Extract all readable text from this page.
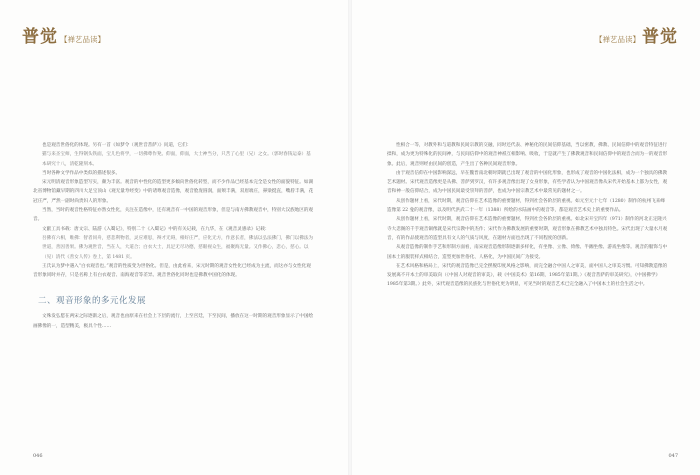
普觉 【禅艺品读】

也是观音世俗化的体现。另有一首《如梦令（观世音菩萨）》问道，它们：

猫与来圣宝师，生得钢头铁面，宝儿色将学，一切佛尊作凳。仰面，仰面，大士神当分，只苦了心里（兄）之女。（郭时春钱运泰）基本研究十八，清乾隆刻本。

当时各种文学作品中类似的描述很多。

宋元明清观音形象造型写实，颇为丰富。观音的中性化的造型更多倾向世俗化转型，而不少作品已经基本完全是女性的面貌特征。如湖北省博物馆藏早期的四川大足宝顶山《观无量寿经变》中的诸尊观音造像，观音脸庞圆润，面颊丰满，双眉端庄，鼻梁挺直，嘴唇丰满，花冠庄严，严然一副时尚贵妇人的形象。

当然，当时的观音性格特征亦然女性化，关注在造像中，还有观音有一中国的观音形象，但是与南方佛教观音中，特别大汉族地区的观音。

文献工具书载：唐文宗、陆游《入蜀记》，特别二十《入蜀记》中的有关记载，在九华，在《观音灵感录》记载：

吾佛有六相，唯佛：智者同舟，慈悲利物者，灵应难思，辩才无碍，相好庄严，应化无方，作意长者，佛法以弘法佛门，佛门以佛法为世道，善因善果。佛为观世音，当在人，大道合；白衣大士，具足无尽功德，慈眼视众生，福聚海无量。又作佛心，悲心，慈心。以（见）清代《善女人传》卷上，第 1481 页。

王氏认为梦中遇入“白衣观音也。”观音的性质变为世俗化。但是，由此看来，宋元时期的观音女性化已经成为主流，而这亦与女性化观音形象同时并存，只是名称上有白衣观音、南海观音等差异。观音世俗化同时也是佛教中国化的体现。

二、观音形象的多元化发展

文殊发弘愿在两宋之际逐渐之后，观音也由原来在社会上下层的流行，上至宫廷，下至民间，播放在这一时期的观音形象显示了中国绘画佛像的一，造型精美，极具个性……

046
【禅艺品读】 普觉

性相合一等，对教外和与道教和民间宗教的交融，同时还代表、神秘化的民间信仰基础，当以密教，佛教、民间信仰中的观音特征进行揉和，成为更为特殊化的民间神，与民间信仰中的观音神祇互相影响、吸收，于是就产生了佛教观音和民间信仰中的观音合而为一的观音形象。此后，观音则经由民间的创造，产生出了各种民间观音形象。

由于观音信仰在中国影响深远，早在魏晋南北朝时期就已出现了观音的中国化形象，也形成了观音的中国化法相，成为一个独具的佛教艺术题材。宋代观音造像更是从佛、菩萨到罗汉，有许多观音像出现了女身形象，有些学者认为中国观音像从宋代开始基本上都为女性，观音和神一般信仰结合，成为中国民间最受崇拜的菩萨，也成为中国宗教艺术中最常见的题材之一。

从创作题材上看，宋代时期，观音信仰在艺术造像的重要题材，得到社会各阶层的重视。如元至元十七年（1280）制作的杭州飞来峰造像第 22 龛的观音像，以及明代洪武二十一年（1388）所绘的水陆画中的观音等，都是观音艺术史上的重要作品。

从创作题材上看，宋代时期，观音信仰在艺术造像的重要题材，得到社会各阶层的重视。如北宋开宝四年（971）制作的河北正定隆兴寺大悲阁的千手观音铜像就是宋代宗教中的杰作；宋代作为佛教发展的重要时期，观音形象在佛教艺术中独具特色。宋代出现了大量水月观音，有的作品使观音的造型具有文人的气质与风度，在题材方面也出现了不同程度的创新。

从观音造像的制作手艺和形制方面看，南宋观音造像形制逐渐多样化，有坐像、立像、倚像、半跏坐像、游戏坐像等。观音的服饰与中国本土的服装样式相结合，造型更加世俗化、人格化，为中国民间广为接受。

在艺术风格和格局上，宋代的观音造像已完全摆脱印度风格之影响，而完全融合中国人之审美，面中国人之审美习惯。可知佛教造像的发展离不开本土的审美取向（《中国人对观音的审美》，载《中国美术》第16期，1985年第1期。）《观音菩萨的审美研究》，《中国佛学》1985年第3期。）此外，宋代观音造像的民族化与世俗化更为明显，可见当时的观音艺术已完全融入了中国本土的社会生活之中。

047
